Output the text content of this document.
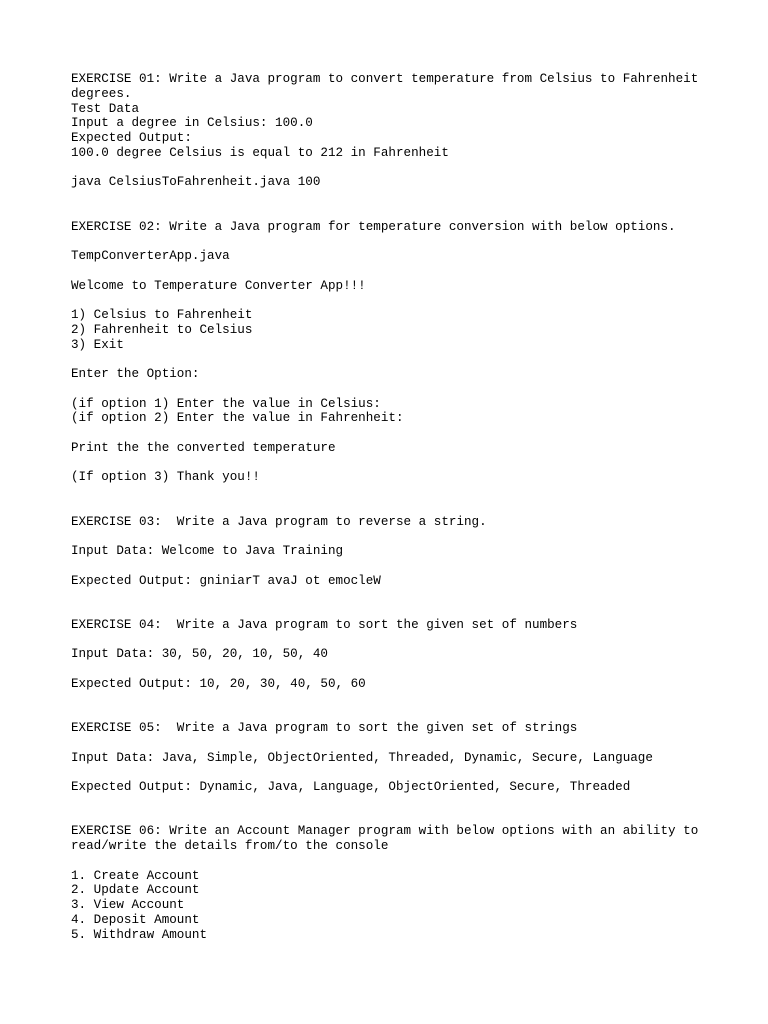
EXERCISE 01: Write a Java program to convert temperature from Celsius to Fahrenheit
degrees.
Test Data
Input a degree in Celsius: 100.0
Expected Output:
100.0 degree Celsius is equal to 212 in Fahrenheit
java CelsiusToFahrenheit.java 100
EXERCISE 02: Write a Java program for temperature conversion with below options.
TempConverterApp.java
Welcome to Temperature Converter App!!!
1) Celsius to Fahrenheit
2) Fahrenheit to Celsius
3) Exit
Enter the Option:
(if option 1) Enter the value in Celsius:
(if option 2) Enter the value in Fahrenheit:
Print the the converted temperature
(If option 3) Thank you!!
EXERCISE 03:  Write a Java program to reverse a string.
Input Data: Welcome to Java Training
Expected Output: gniniarT avaJ ot emocleW
EXERCISE 04:  Write a Java program to sort the given set of numbers
Input Data: 30, 50, 20, 10, 50, 40
Expected Output: 10, 20, 30, 40, 50, 60
EXERCISE 05:  Write a Java program to sort the given set of strings
Input Data: Java, Simple, ObjectOriented, Threaded, Dynamic, Secure, Language
Expected Output: Dynamic, Java, Language, ObjectOriented, Secure, Threaded
EXERCISE 06: Write an Account Manager program with below options with an ability to
read/write the details from/to the console
1. Create Account
2. Update Account
3. View Account
4. Deposit Amount
5. Withdraw Amount
